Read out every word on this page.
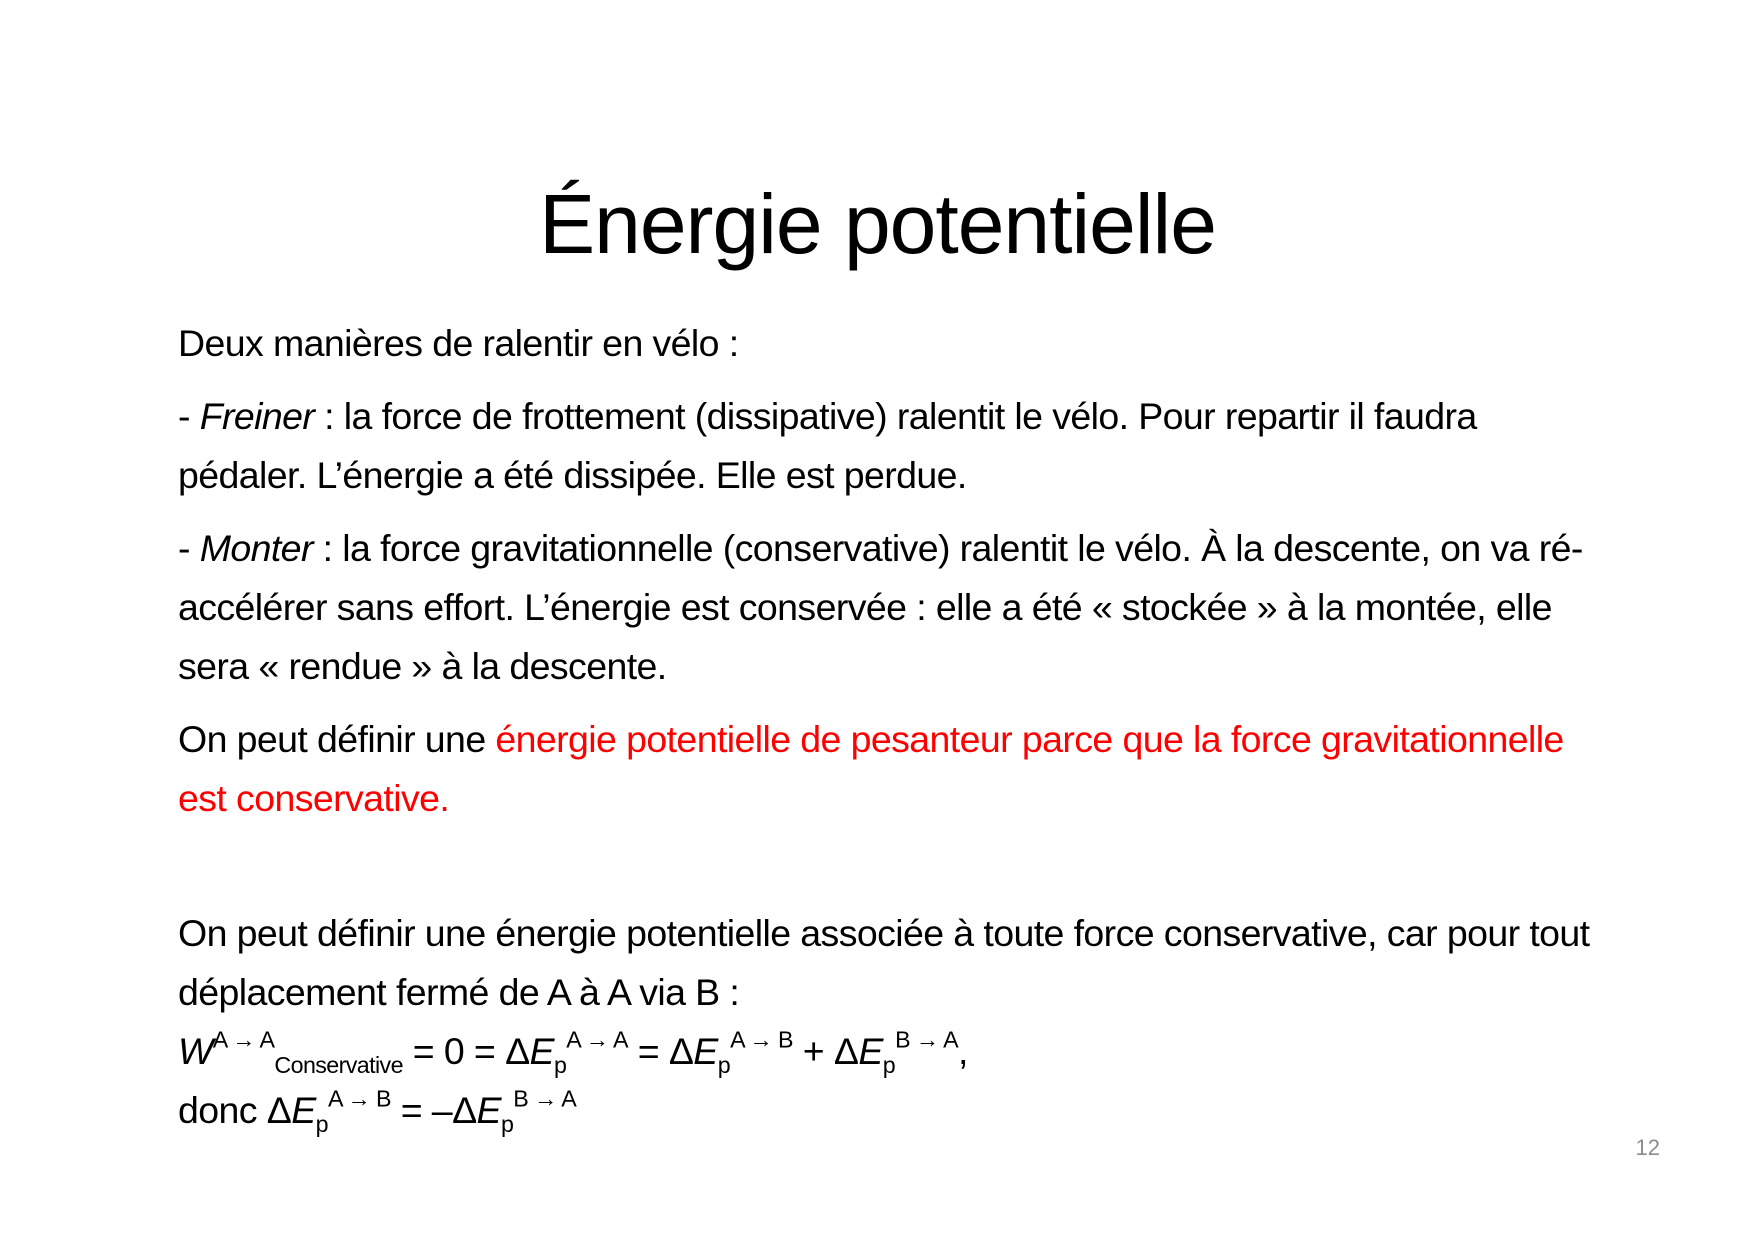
Énergie potentielle

Deux manières de ralentir en vélo :

- Freiner : la force de frottement (dissipative) ralentit le vélo. Pour repartir il faudra pédaler. L’énergie a été dissipée. Elle est perdue.

- Monter : la force gravitationnelle (conservative) ralentit le vélo. À la descente, on va ré-accélérer sans effort. L’énergie est conservée : elle a été « stockée » à la montée, elle sera « rendue » à la descente.

On peut définir une énergie potentielle de pesanteur parce que la force gravitationnelle est conservative.

On peut définir une énergie potentielle associée à toute force conservative, car pour tout déplacement fermé de A à A via B :
$W^{A \to A}_{Conservative} = 0 = \Delta E_p^{A \to A} = \Delta E_p^{A \to B} + \Delta E_p^{B \to A}$,
donc $\Delta E_p^{A \to B} = -\Delta E_p^{B \to A}$

12
